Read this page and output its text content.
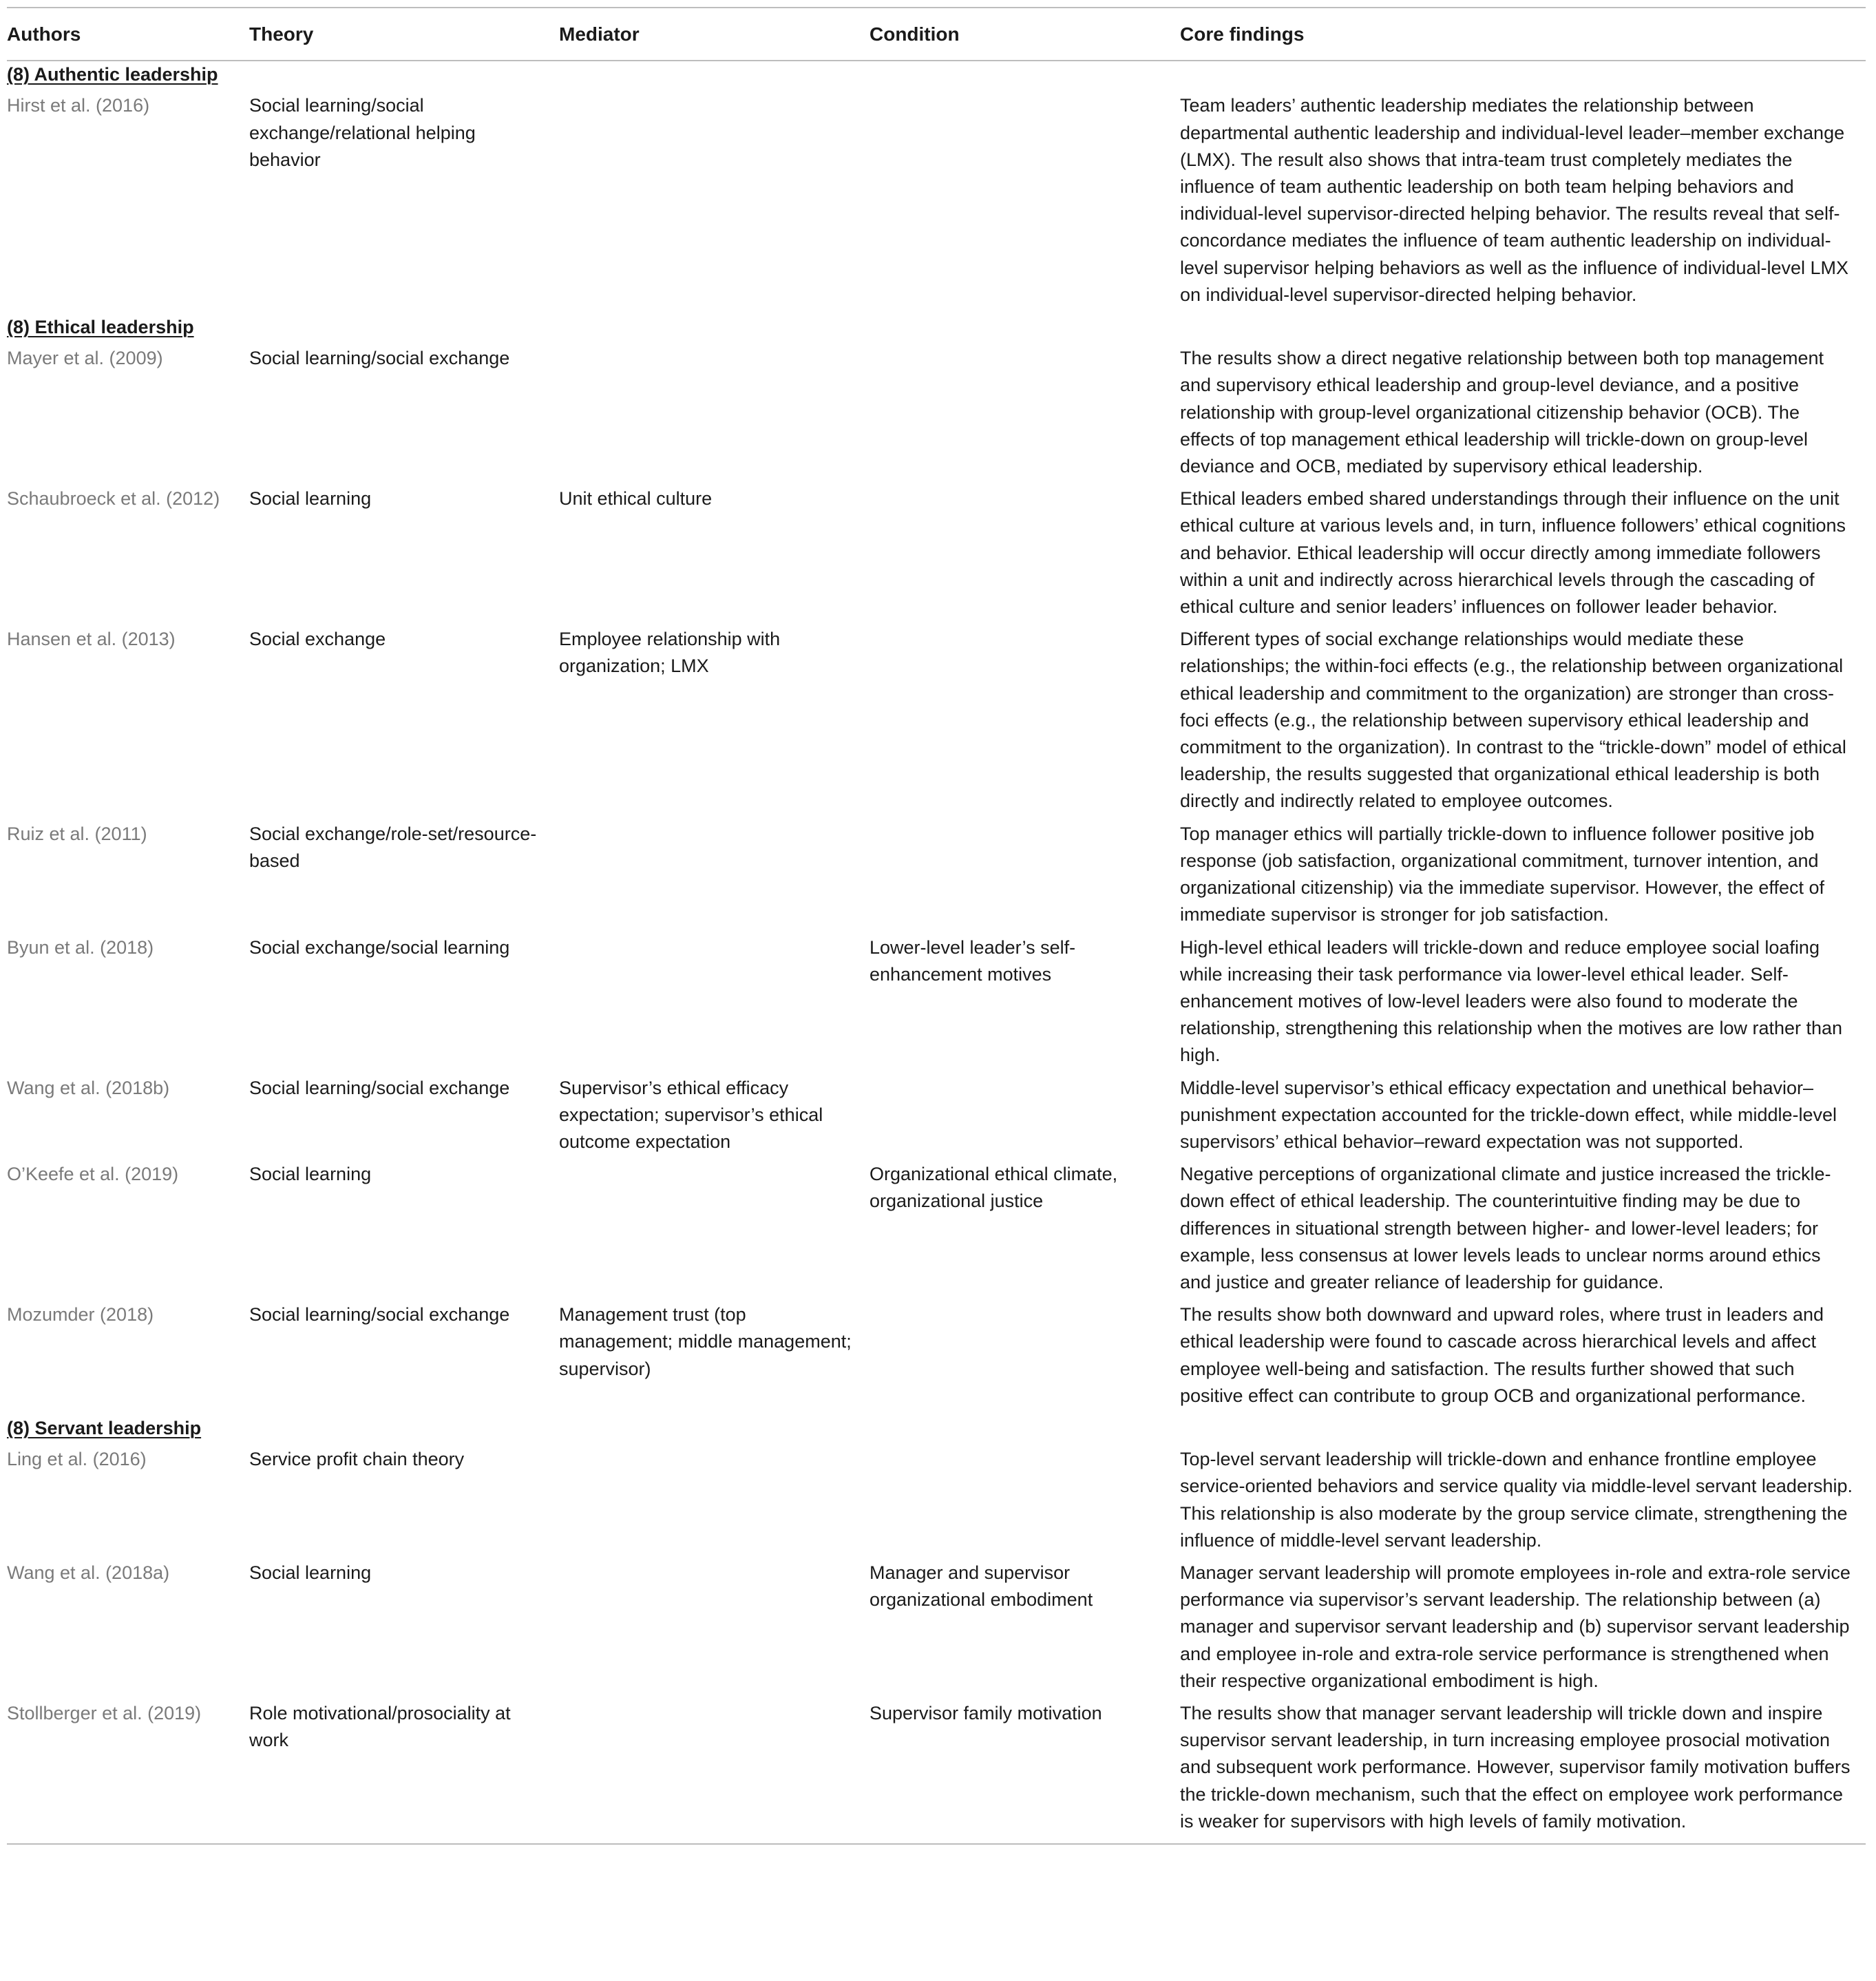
Authors	Theory	Mediator	Condition	Core findings
(8) Authentic leadership				
Hirst et al. (2016)	Social learning/social exchange/relational helping behavior			Team leaders’ authentic leadership mediates the relationship between departmental authentic leadership and individual-level leader–member exchange (LMX). The result also shows that intra-team trust completely mediates the influence of team authentic leadership on both team helping behaviors and individual-level supervisor-directed helping behavior. The results reveal that self-concordance mediates the influence of team authentic leadership on individual-level supervisor helping behaviors as well as the influence of individual-level LMX on individual-level supervisor-directed helping behavior.
(8) Ethical leadership				
Mayer et al. (2009)	Social learning/social exchange			The results show a direct negative relationship between both top management and supervisory ethical leadership and group-level deviance, and a positive relationship with group-level organizational citizenship behavior (OCB). The effects of top management ethical leadership will trickle-down on group-level deviance and OCB, mediated by supervisory ethical leadership.
Schaubroeck et al. (2012)	Social learning	Unit ethical culture		Ethical leaders embed shared understandings through their influence on the unit ethical culture at various levels and, in turn, influence followers’ ethical cognitions and behavior. Ethical leadership will occur directly among immediate followers within a unit and indirectly across hierarchical levels through the cascading of ethical culture and senior leaders’ influences on follower leader behavior.
Hansen et al. (2013)	Social exchange	Employee relationship with organization; LMX		Different types of social exchange relationships would mediate these relationships; the within-foci effects (e.g., the relationship between organizational ethical leadership and commitment to the organization) are stronger than cross-foci effects (e.g., the relationship between supervisory ethical leadership and commitment to the organization). In contrast to the “trickle-down” model of ethical leadership, the results suggested that organizational ethical leadership is both directly and indirectly related to employee outcomes.
Ruiz et al. (2011)	Social exchange/role-set/resource-based			Top manager ethics will partially trickle-down to influence follower positive job response (job satisfaction, organizational commitment, turnover intention, and organizational citizenship) via the immediate supervisor. However, the effect of immediate supervisor is stronger for job satisfaction.
Byun et al. (2018)	Social exchange/social learning		Lower-level leader’s self-enhancement motives	High-level ethical leaders will trickle-down and reduce employee social loafing while increasing their task performance via lower-level ethical leader. Self-enhancement motives of low-level leaders were also found to moderate the relationship, strengthening this relationship when the motives are low rather than high.
Wang et al. (2018b)	Social learning/social exchange	Supervisor’s ethical efficacy expectation; supervisor’s ethical outcome expectation		Middle-level supervisor’s ethical efficacy expectation and unethical behavior–punishment expectation accounted for the trickle-down effect, while middle-level supervisors’ ethical behavior–reward expectation was not supported.
O’Keefe et al. (2019)	Social learning		Organizational ethical climate, organizational justice	Negative perceptions of organizational climate and justice increased the trickle-down effect of ethical leadership. The counterintuitive finding may be due to differences in situational strength between higher- and lower-level leaders; for example, less consensus at lower levels leads to unclear norms around ethics and justice and greater reliance of leadership for guidance.
Mozumder (2018)	Social learning/social exchange	Management trust (top management; middle management; supervisor)		The results show both downward and upward roles, where trust in leaders and ethical leadership were found to cascade across hierarchical levels and affect employee well-being and satisfaction. The results further showed that such positive effect can contribute to group OCB and organizational performance.
(8) Servant leadership				
Ling et al. (2016)	Service profit chain theory			Top-level servant leadership will trickle-down and enhance frontline employee service-oriented behaviors and service quality via middle-level servant leadership. This relationship is also moderate by the group service climate, strengthening the influence of middle-level servant leadership.
Wang et al. (2018a)	Social learning		Manager and supervisor organizational embodiment	Manager servant leadership will promote employees in-role and extra-role service performance via supervisor’s servant leadership. The relationship between (a) manager and supervisor servant leadership and (b) supervisor servant leadership and employee in-role and extra-role service performance is strengthened when their respective organizational embodiment is high.
Stollberger et al. (2019)	Role motivational/prosociality at work		Supervisor family motivation	The results show that manager servant leadership will trickle down and inspire supervisor servant leadership, in turn increasing employee prosocial motivation and subsequent work performance. However, supervisor family motivation buffers the trickle-down mechanism, such that the effect on employee work performance is weaker for supervisors with high levels of family motivation.
